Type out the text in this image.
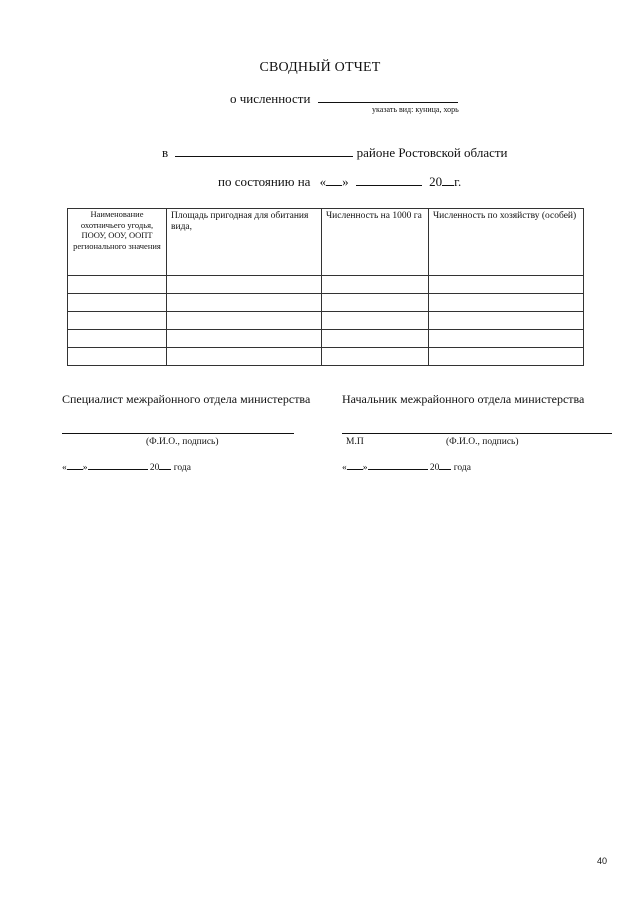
СВОДНЫЙ ОТЧЕТ
о численности
указать вид: куница, хорь
в	районе Ростовской области
по состоянию на « »	20 г.
Наименование охотничьего угодья, ПООУ, ООУ, ООПТ регионального значения	Площадь пригодная для обитания вида,	Численность на 1000 га	Численность по хозяйству (особей)

Специалист межрайонного отдела министерства	Начальник межрайонного отдела министерства
(Ф.И.О., подпись)	М.П	(Ф.И.О., подпись)
« »	20 года	« »	20 года
40
